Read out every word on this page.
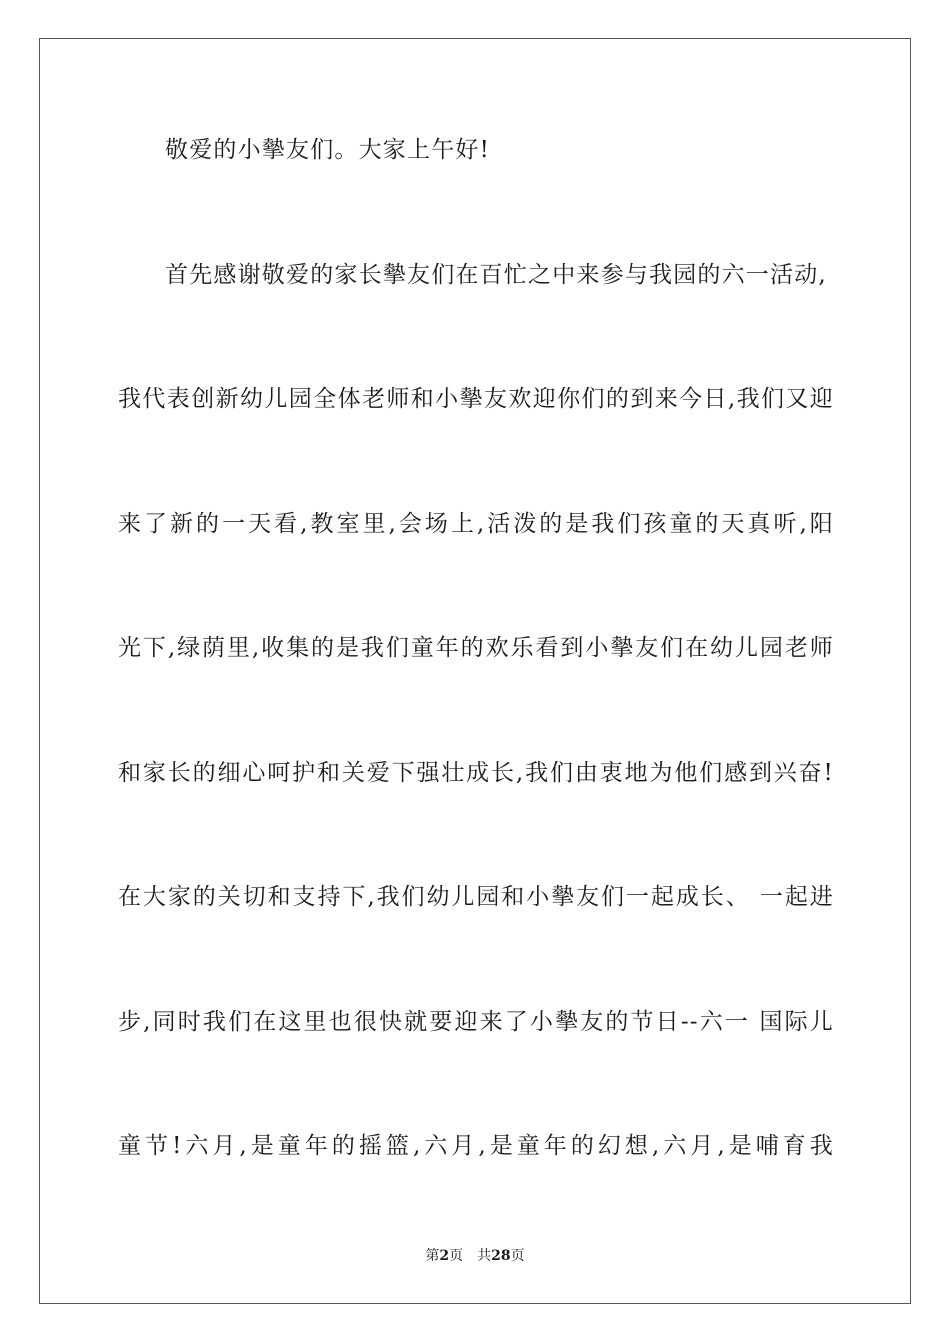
敬爱的小摰友们。大家上午好!
首先感谢敬爱的家长摰友们在百忙之中来参与我园的六一活动,
我代表创新幼儿园全体老师和小摰友欢迎你们的到来今日,我们又迎
来了新的一天看,教室里,会场上,活泼的是我们孩童的天真听,阳
光下,绿荫里,收集的是我们童年的欢乐看到小摰友们在幼儿园老师
和家长的细心呵护和关爱下强壮成长,我们由衷地为他们感到兴奋!
在大家的关切和支持下,我们幼儿园和小摰友们一起成长、 一起进
步,同时我们在这里也很快就要迎来了小摰友的节日--六一 国际儿
童节!六月,是童年的摇篮,六月,是童年的幻想,六月,是哺育我
第2页 共28页
